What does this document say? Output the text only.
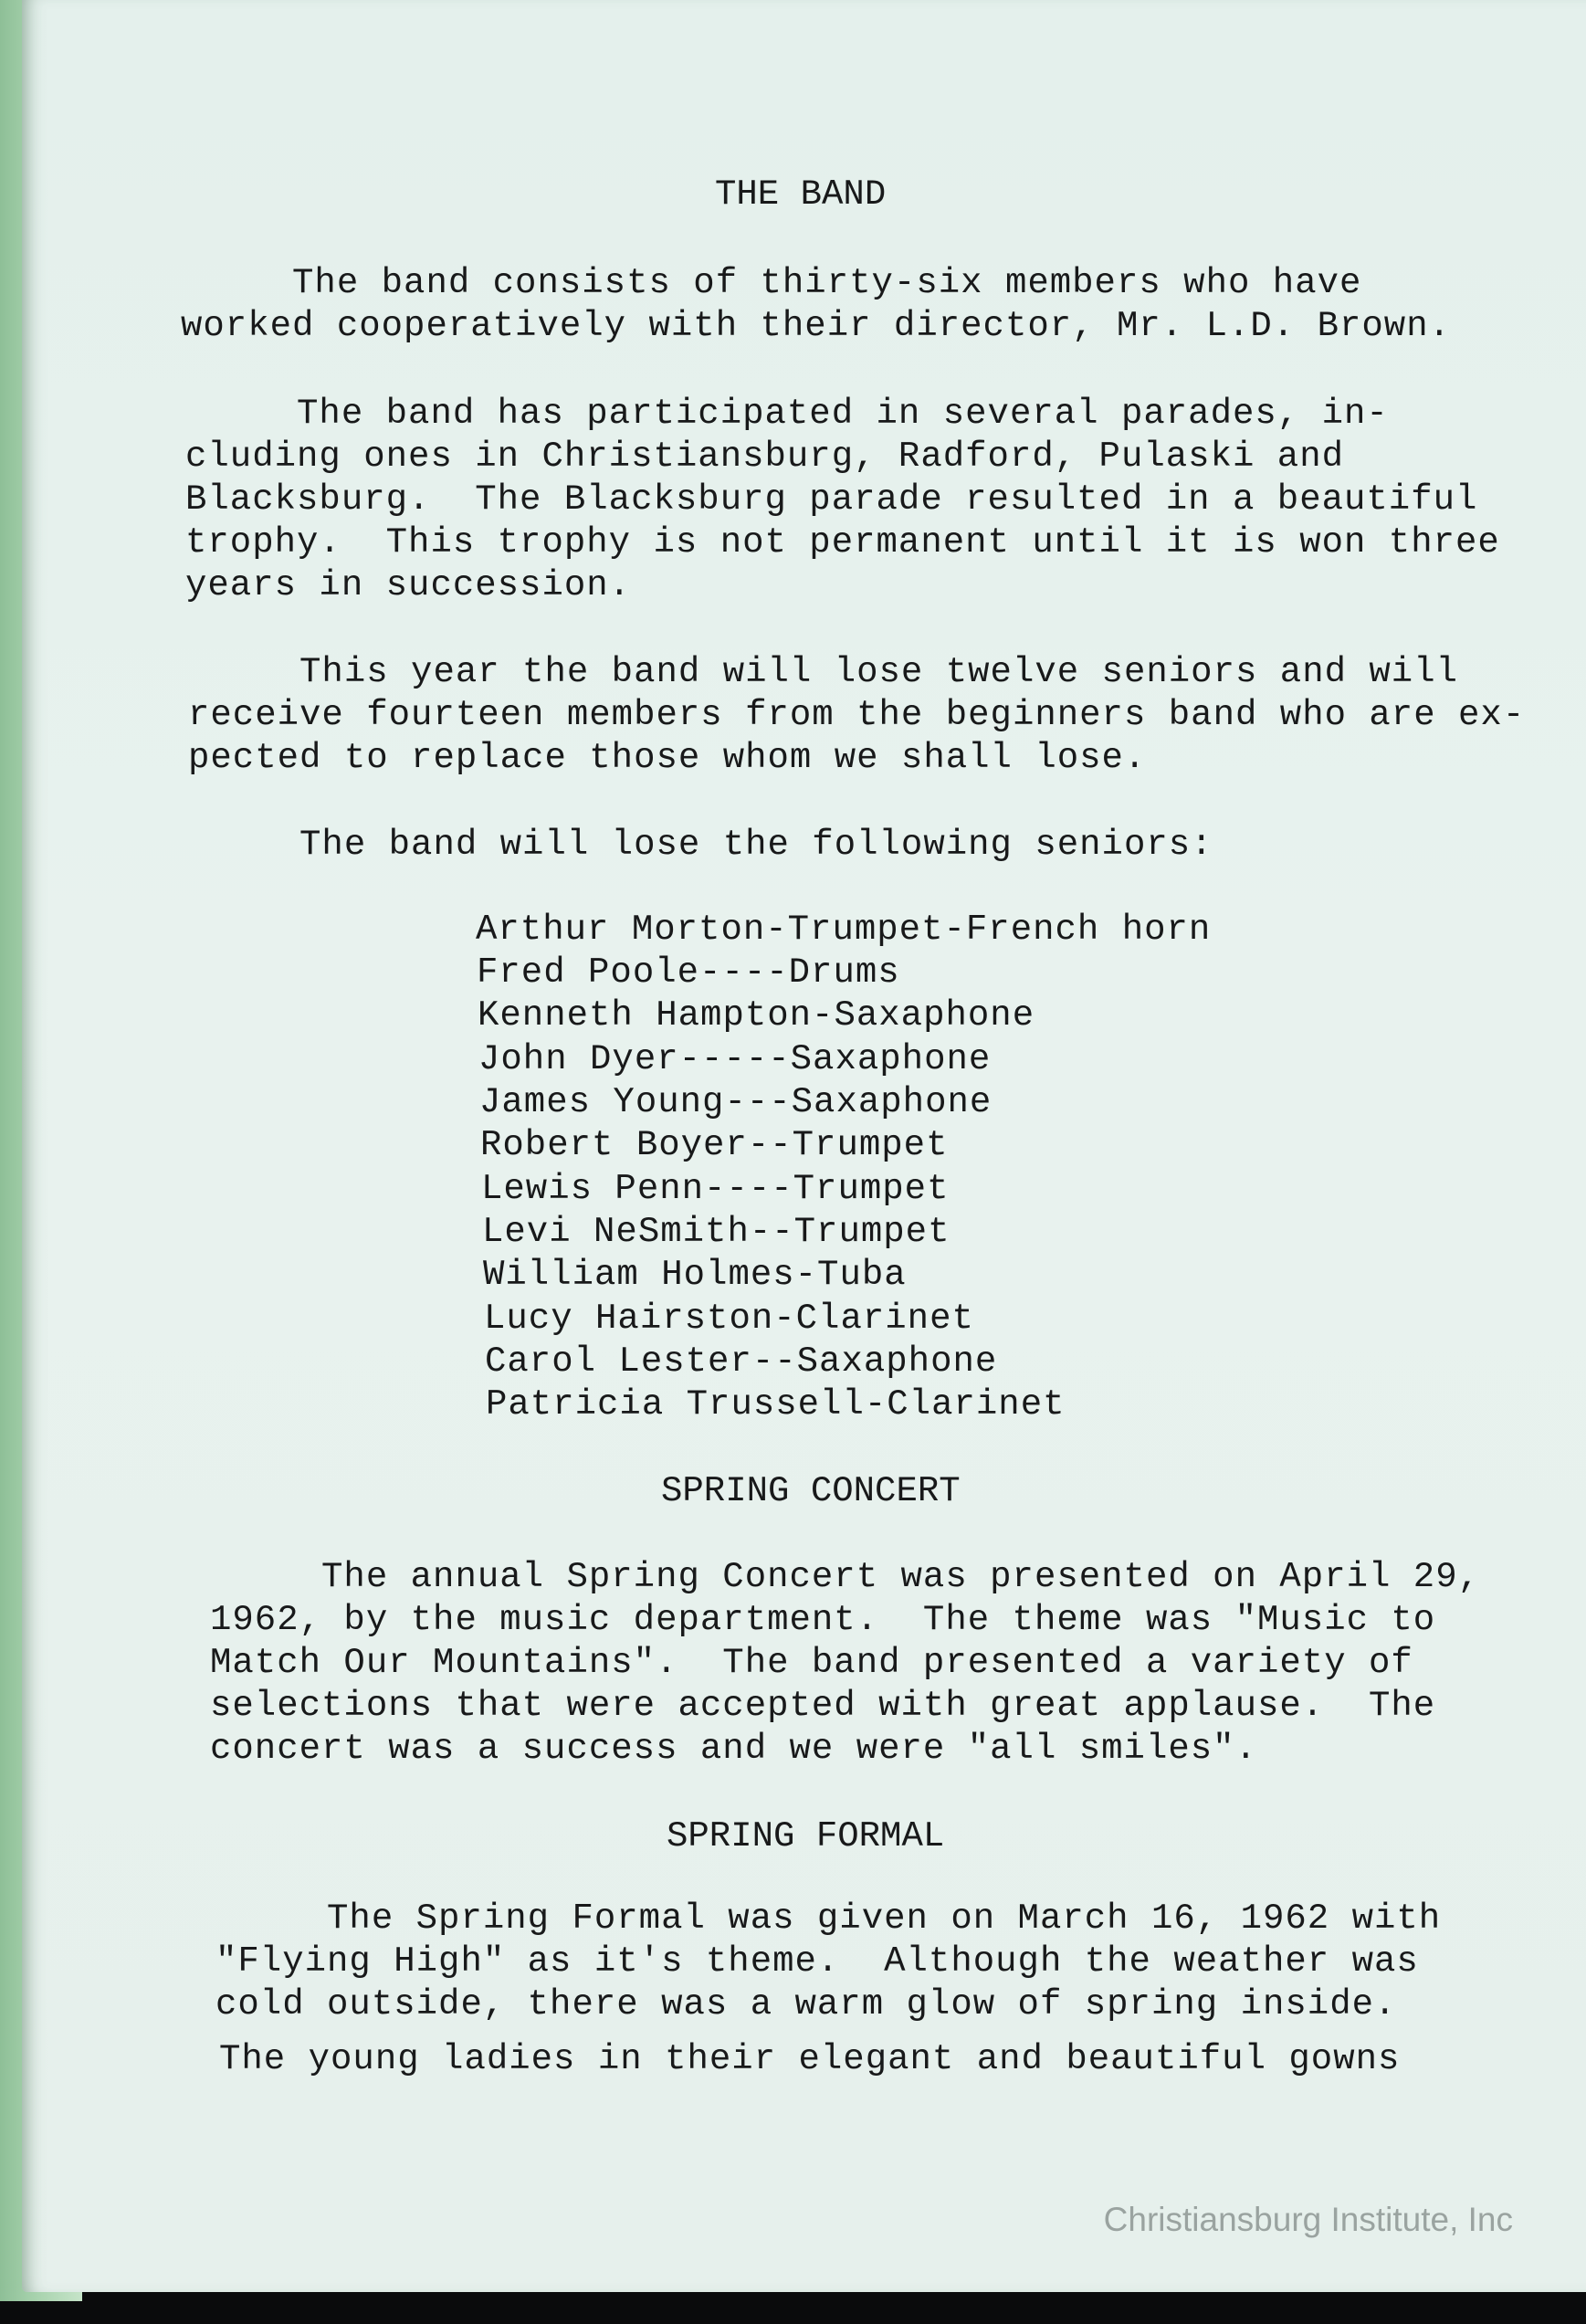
THE BAND

The band consists of thirty-six members who have
worked cooperatively with their director, Mr. L.D. Brown.

The band has participated in several parades, in-
cluding ones in Christiansburg, Radford, Pulaski and
Blacksburg.  The Blacksburg parade resulted in a beautiful
trophy.  This trophy is not permanent until it is won three
years in succession.

This year the band will lose twelve seniors and will
receive fourteen members from the beginners band who are ex-
pected to replace those whom we shall lose.

The band will lose the following seniors:

Arthur Morton-Trumpet-French horn

Fred Poole----Drums

Kenneth Hampton-Saxaphone

John Dyer-----Saxaphone

James Young---Saxaphone

Robert Boyer--Trumpet

Lewis Penn----Trumpet

Levi NeSmith--Trumpet

William Holmes-Tuba

Lucy Hairston-Clarinet

Carol Lester--Saxaphone

Patricia Trussell-Clarinet

SPRING CONCERT

The annual Spring Concert was presented on April 29,
1962, by the music department.  The theme was "Music to
Match Our Mountains".  The band presented a variety of
selections that were accepted with great applause.  The
concert was a success and we were "all smiles".

SPRING FORMAL

The Spring Formal was given on March 16, 1962 with
"Flying High" as it's theme.  Although the weather was
cold outside, there was a warm glow of spring inside.

The young ladies in their elegant and beautiful gowns

Christiansburg Institute, Inc
